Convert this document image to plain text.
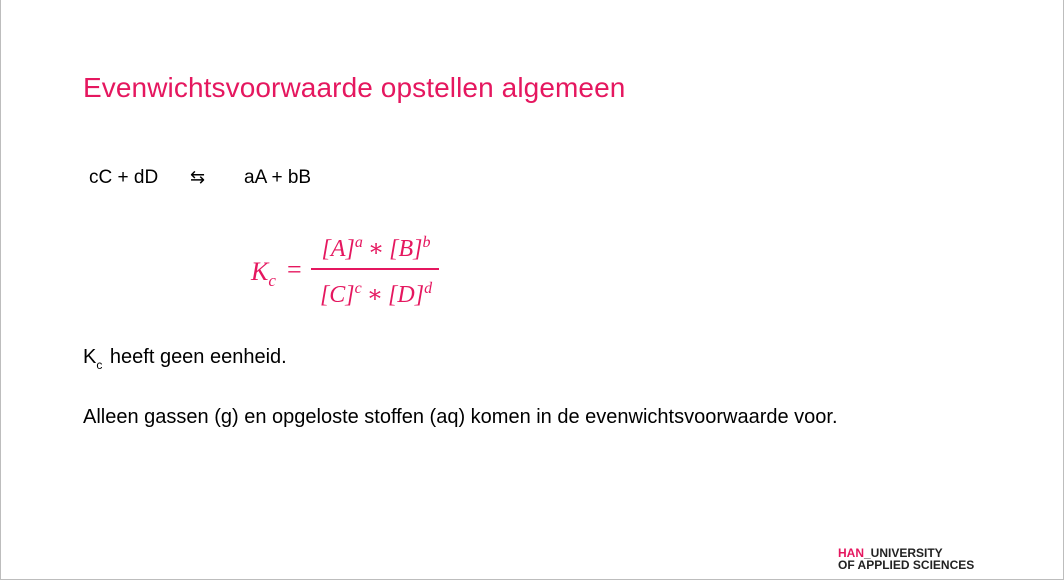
Evenwichtsvoorwaarde opstellen algemeen
cC + dD ⇆ aA + bB
$K_c$ =
$[A]^a$ ∗ $[B]^b$
$[C]^c$ ∗ $[D]^d$
$K_c$ heeft geen eenheid.
Alleen gassen (g) en opgeloste stoffen (aq) komen in de evenwichtsvoorwaarde voor.
HAN_UNIVERSITY
OF APPLIED SCIENCES
